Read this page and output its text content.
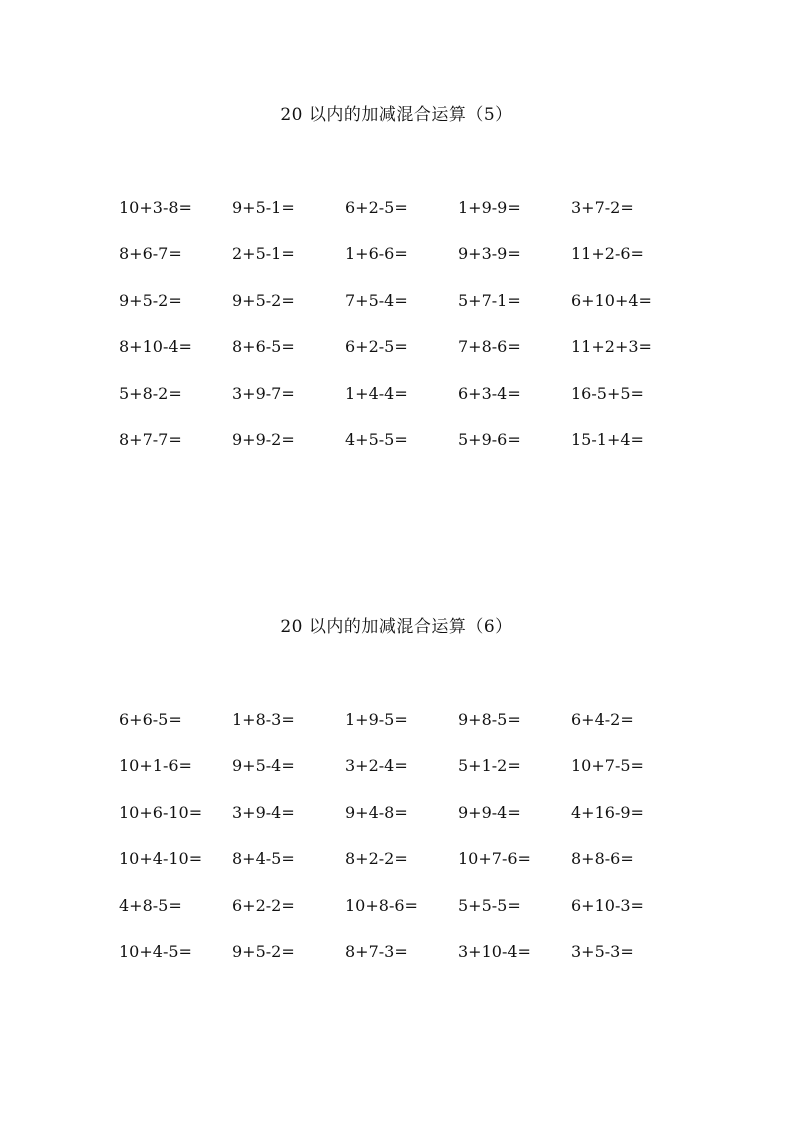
20 以内的加减混合运算（5）
10+3-8=	9+5-1=	6+2-5=	1+9-9=	3+7-2=
8+6-7=	2+5-1=	1+6-6=	9+3-9=	11+2-6=
9+5-2=	9+5-2=	7+5-4=	5+7-1=	6+10+4=
8+10-4=	8+6-5=	6+2-5=	7+8-6=	11+2+3=
5+8-2=	3+9-7=	1+4-4=	6+3-4=	16-5+5=
8+7-7=	9+9-2=	4+5-5=	5+9-6=	15-1+4=
20 以内的加减混合运算（6）
6+6-5=	1+8-3=	1+9-5=	9+8-5=	6+4-2=
10+1-6=	9+5-4=	3+2-4=	5+1-2=	10+7-5=
10+6-10=	3+9-4=	9+4-8=	9+9-4=	4+16-9=
10+4-10=	8+4-5=	8+2-2=	10+7-6=	8+8-6=
4+8-5=	6+2-2=	10+8-6=	5+5-5=	6+10-3=
10+4-5=	9+5-2=	8+7-3=	3+10-4=	3+5-3=
